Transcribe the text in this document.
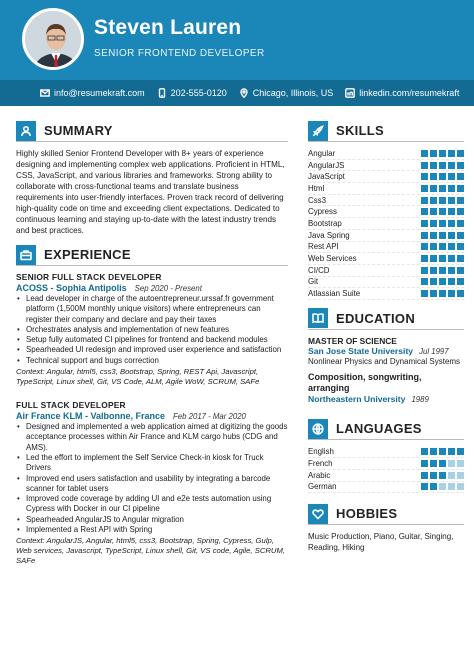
Steven Lauren
SENIOR FRONTEND DEVELOPER
info@resumekraft.com	202-555-0120	Chicago, Illinois, US	linkedin.com/resumekraft
SUMMARY

Highly skilled Senior Frontend Developer with 8+ years of experience designing and implementing complex web applications. Proficient in HTML, CSS, JavaScript, and various libraries and frameworks. Strong ability to collaborate with cross-functional teams and translate business requirements into user-friendly interfaces. Proven track record of delivering high-quality code on time and exceeding client expectations. Dedicated to continuous learning and staying up-to-date with the latest industry trends and best practices.

EXPERIENCE
SENIOR FULL STACK DEVELOPER
ACOSS - Sophia Antipolis Sep 2020 - Present
• Lead developer in charge of the autoentrepreneur.urssaf.fr government platform (1,500M monthly unique visitors) where entrepreneurs can register their company and declare and pay their taxes
• Orchestrates analysis and implementation of new features
• Setup fully automated CI pipelines for frontend and backend modules
• Spearheaded UI redesign and improved user experience and satisfaction
• Technical support and bugs correction

Context: Angular, html5, css3, Bootstrap, Spring, REST Api, Javascript, TypeScript, Linux shell, Git, VS Code, ALM, Agile WoW, SCRUM, SAFe

FULL STACK DEVELOPER
Air France KLM - Valbonne, France Feb 2017 - Mar 2020
• Designed and implemented a web application aimed at digitizing the goods acceptance processes within Air France and KLM cargo hubs (CDG and AMS).
• Led the effort to implement the Self Service Check-in kiosk for Truck Drivers
• Improved end users satisfaction and usability by integrating a barcode scanner for tablet users
• Improved code coverage by adding UI and e2e tests automation using Cypress with Docker in our CI pipeline
• Spearheaded AngularJS to Angular migration
• Implemented a Rest API with Spring

Context: AngularJS, Angular, html5, css3, Bootstrap, Spring, Cypress, Gulp, Web services, Javascript, TypeScript, Linux shell, Git, VS code, Agile, SCRUM, SAFe

SKILLS
Angular
AngularJS
JavaScript
Html
Css3
Cypress
Bootstrap
Java Spring
Rest API
Web Services
CI/CD
Git
Atlassian Suite
EDUCATION
MASTER OF SCIENCE
San Jose State University Jul 1997
Nonlinear Physics and Dynamical Systems
Composition, songwriting, arranging
Northeastern University 1989
LANGUAGES
English
French
Arabic
German
HOBBIES

Music Production, Piano, Guitar, Singing, Reading, Hiking
